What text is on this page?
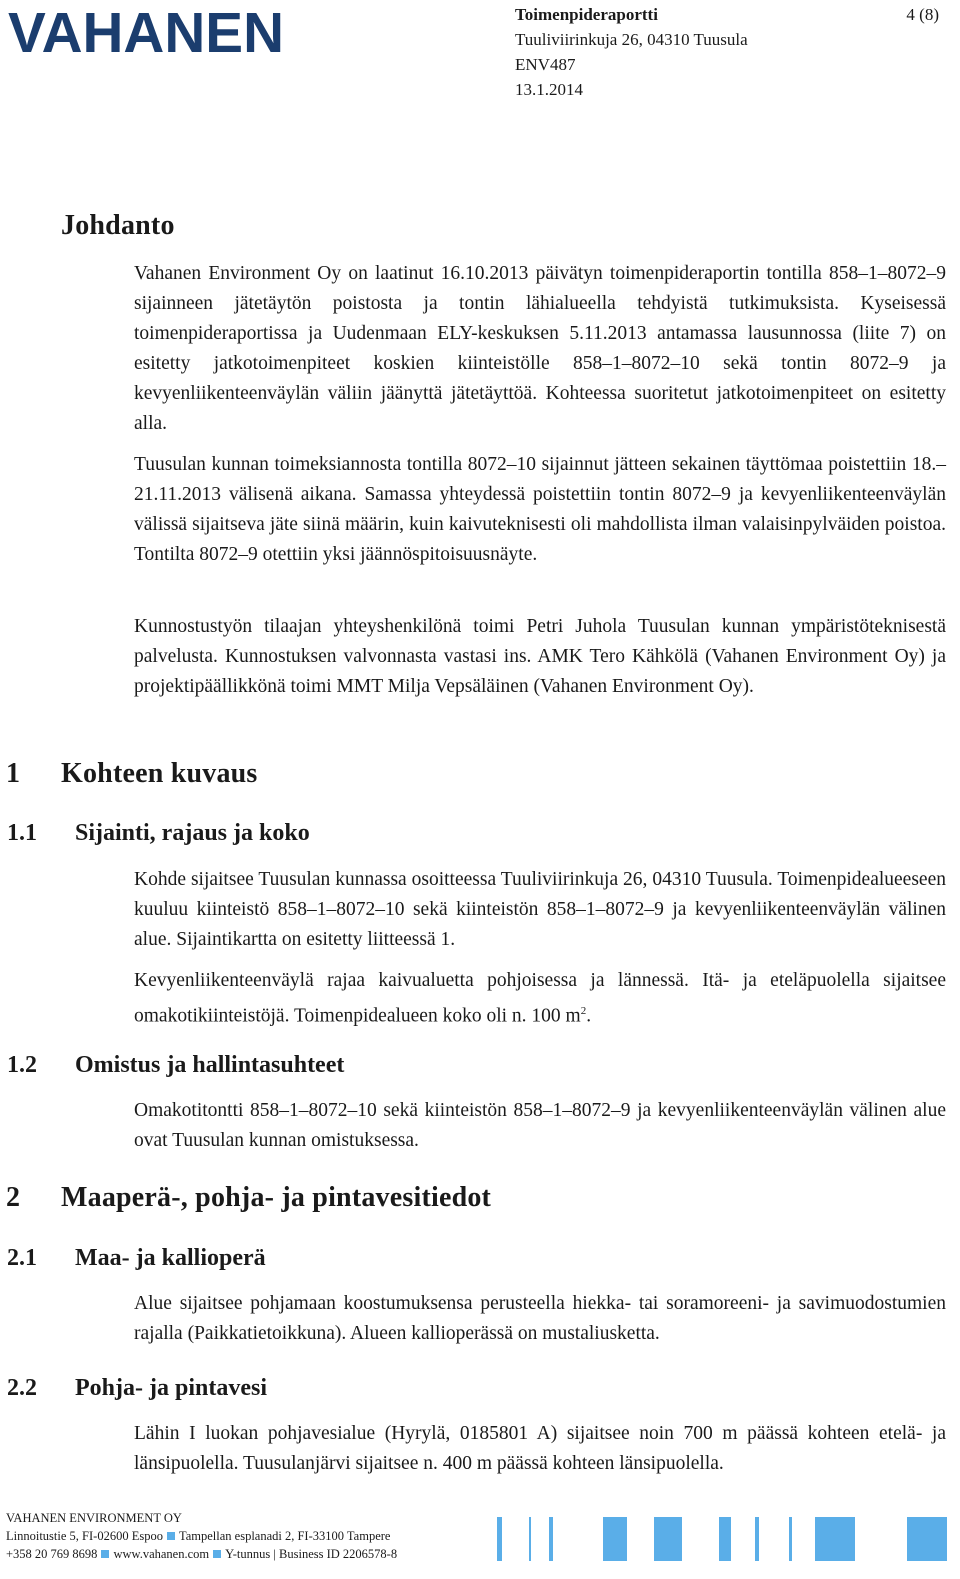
VAHANEN	Toimenpideraportti
Tuuliviirinkuja 26, 04310 Tuusula
ENV487
13.1.2014
4 (8)
Johdanto
Vahanen Environment Oy on laatinut 16.10.2013 päivätyn toimenpideraportin tontilla 858–1–8072–9 sijainneen jätetäytön poistosta ja tontin lähialueella tehdyistä tutkimuksista. Kyseisessä toimenpideraportissa ja Uudenmaan ELY-keskuksen 5.11.2013 antamassa lausunnossa (liite 7) on esitetty jatkotoimenpiteet koskien kiinteistölle 858–1–8072–10 sekä tontin 8072–9 ja kevyenliikenteenväylän väliin jäänyttä jätetäyttöä. Kohteessa suoritetut jatkotoimenpiteet on esitetty alla.
Tuusulan kunnan toimeksiannosta tontilla 8072–10 sijainnut jätteen sekainen täyttömaa poistettiin 18.–21.11.2013 välisenä aikana. Samassa yhteydessä poistettiin tontin 8072–9 ja kevyenliikenteenväylän välissä sijaitseva jäte siinä määrin, kuin kaivuteknisesti oli mahdollista ilman valaisinpylväiden poistoa. Tontilta 8072–9 otettiin yksi jäännöspitoisuusnäyte.
Kunnostustyön tilaajan yhteyshenkilönä toimi Petri Juhola Tuusulan kunnan ympäristöteknisestä palvelusta. Kunnostuksen valvonnasta vastasi ins. AMK Tero Kähkölä (Vahanen Environment Oy) ja projektipäällikkönä toimi MMT Milja Vepsäläinen (Vahanen Environment Oy).
1 Kohteen kuvaus
1.1 Sijainti, rajaus ja koko
Kohde sijaitsee Tuusulan kunnassa osoitteessa Tuuliviirinkuja 26, 04310 Tuusula. Toimenpidealueeseen kuuluu kiinteistö 858–1–8072–10 sekä kiinteistön 858–1–8072–9 ja kevyenliikenteenväylän välinen alue. Sijaintikartta on esitetty liitteessä 1.
Kevyenliikenteenväylä rajaa kaivualuetta pohjoisessa ja lännessä. Itä- ja eteläpuolella sijaitsee omakotikiinteistöjä. Toimenpidealueen koko oli n. 100 $m^2$.
1.2 Omistus ja hallintasuhteet
Omakotitontti 858–1–8072–10 sekä kiinteistön 858–1–8072–9 ja kevyenliikenteenväylän välinen alue ovat Tuusulan kunnan omistuksessa.
2 Maaperä-, pohja- ja pintavesitiedot
2.1 Maa- ja kallioperä
Alue sijaitsee pohjamaan koostumuksensa perusteella hiekka- tai soramoreeni- ja savimuodostumien rajalla (Paikkatietoikkuna). Alueen kallioperässä on mustaliusketta.
2.2 Pohja- ja pintavesi
Lähin I luokan pohjavesialue (Hyrylä, 0185801 A) sijaitsee noin 700 m päässä kohteen etelä- ja länsipuolella. Tuusulanjärvi sijaitsee n. 400 m päässä kohteen länsipuolella.
VAHANEN ENVIRONMENT OY
Linnoitustie 5, FI-02600 Espoo Tampellan esplanadi 2, FI-33100 Tampere
+358 20 769 8698 www.vahanen.com Y-tunnus | Business ID 2206578-8
